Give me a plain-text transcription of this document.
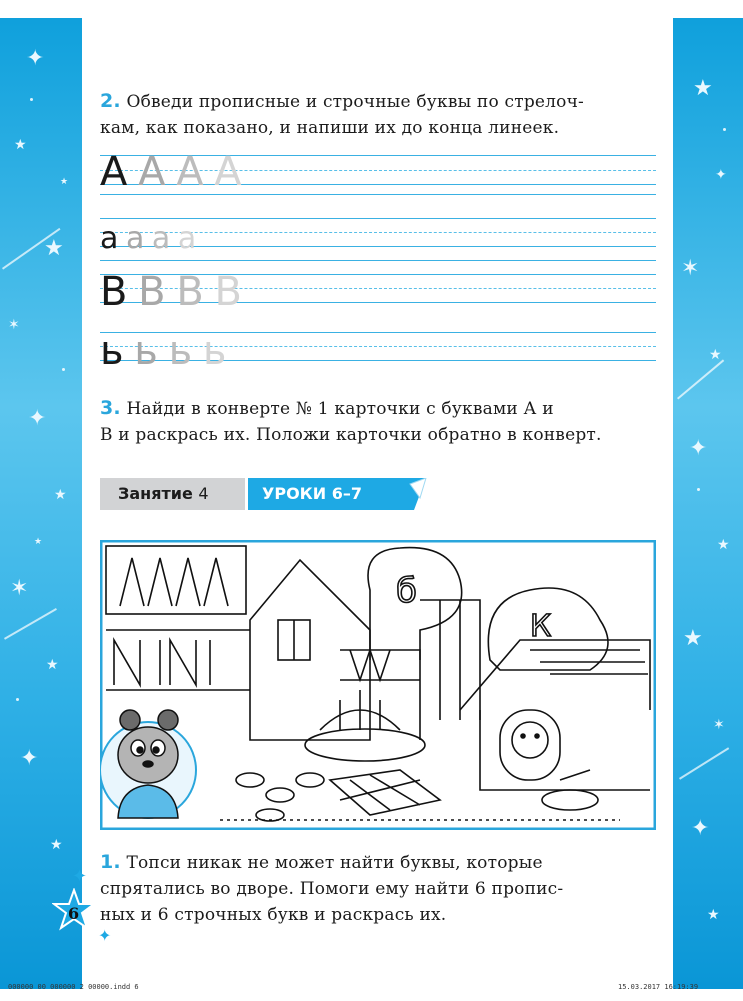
✦
★
★
✶
✦
★
✶
★
✦
★
★
★
★
✦
✶
★
✦
★
★
✶
✦
★
2. Обведи прописные и строчные буквы по стрелоч-
кам, как показано, и напиши их до конца линеек.
А А А А
а а а а
В В В В
ь ь ь ь
3. Найди в конверте № 1 карточки с буквами А и
В и раскрась их. Положи карточки обратно в конверт.
Занятие 4	УРОКИ 6–7
б
К
1. Топси никак не может найти буквы, которые
спрятались во дворе. Помоги ему найти 6 пропис-
ных и 6 строчных букв и раскрась их.
6
✦
✦
000000 00 000000 2 00000.indd 6	15.03.2017 16:19:39
